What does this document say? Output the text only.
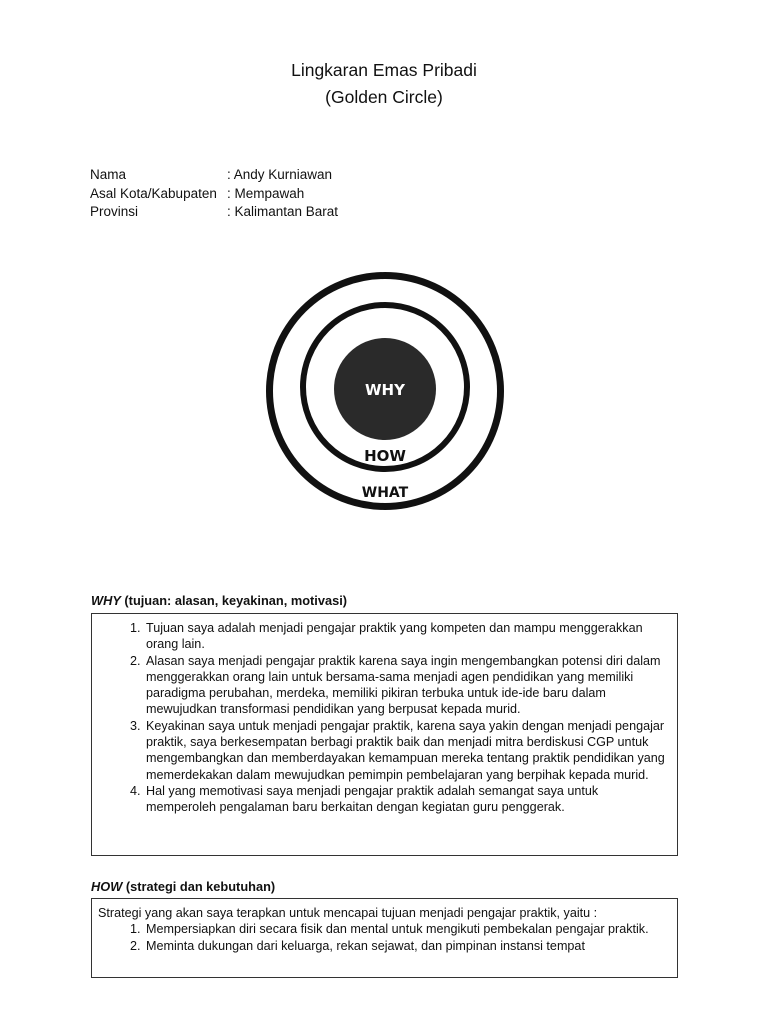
Lingkaran Emas Pribadi
(Golden Circle)
Nama	: Andy Kurniawan
Asal Kota/Kabupaten : Mempawah
Provinsi	: Kalimantan Barat
WHY
HOW
WHAT
WHY (tujuan: alasan, keyakinan, motivasi)
1. Tujuan saya adalah menjadi pengajar praktik yang kompeten dan mampu menggerakkan orang lain.
2. Alasan saya menjadi pengajar praktik karena saya ingin mengembangkan potensi diri dalam menggerakkan orang lain untuk bersama-sama menjadi agen pendidikan yang memiliki paradigma perubahan, merdeka, memiliki pikiran terbuka untuk ide-ide baru dalam mewujudkan transformasi pendidikan yang berpusat kepada murid.
3. Keyakinan saya untuk menjadi pengajar praktik, karena saya yakin dengan menjadi pengajar praktik, saya berkesempatan berbagi praktik baik dan menjadi mitra berdiskusi CGP untuk mengembangkan dan memberdayakan kemampuan mereka tentang praktik pendidikan yang memerdekakan dalam mewujudkan pemimpin pembelajaran yang berpihak kepada murid.
4. Hal yang memotivasi saya menjadi pengajar praktik adalah semangat saya untuk memperoleh pengalaman baru berkaitan dengan kegiatan guru penggerak.
HOW (strategi dan kebutuhan)
Strategi yang akan saya terapkan untuk mencapai tujuan menjadi pengajar praktik, yaitu :
1. Mempersiapkan diri secara fisik dan mental untuk mengikuti pembekalan pengajar praktik.
2. Meminta dukungan dari keluarga, rekan sejawat, dan pimpinan instansi tempat
